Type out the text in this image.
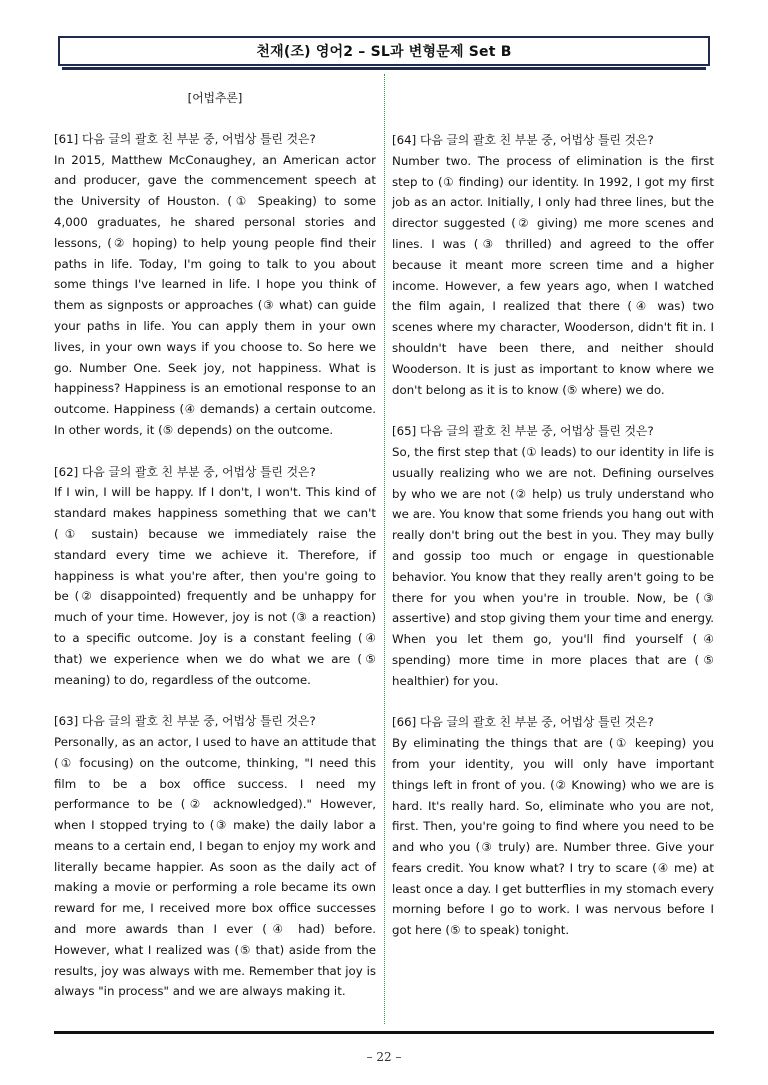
천재(조) 영어2 – SL과 변형문제 Set B

[어법추론]

[61] 다음 글의 괄호 친 부분 중, 어법상 틀린 것은?

In 2015, Matthew McConaughey, an American actor and producer, gave the commencement speech at the University of Houston. (① Speaking) to some 4,000 graduates, he shared personal stories and lessons, (② hoping) to help young people find their paths in life. Today, I'm going to talk to you about some things I've learned in life. I hope you think of them as signposts or approaches (③ what) can guide your paths in life. You can apply them in your own lives, in your own ways if you choose to. So here we go. Number One. Seek joy, not happiness. What is happiness? Happiness is an emotional response to an outcome. Happiness (④ demands) a certain outcome. In other words, it (⑤ depends) on the outcome.

[62] 다음 글의 괄호 친 부분 중, 어법상 틀린 것은?

If I win, I will be happy. If I don't, I won't. This kind of standard makes happiness something that we can't (① sustain) because we immediately raise the standard every time we achieve it. Therefore, if happiness is what you're after, then you're going to be (② disappointed) frequently and be unhappy for much of your time. However, joy is not (③ a reaction) to a specific outcome. Joy is a constant feeling (④ that) we experience when we do what we are (⑤ meaning) to do, regardless of the outcome.

[63] 다음 글의 괄호 친 부분 중, 어법상 틀린 것은?

Personally, as an actor, I used to have an attitude that (① focusing) on the outcome, thinking, "I need this film to be a box office success. I need my performance to be (② acknowledged)." However, when I stopped trying to (③ make) the daily labor a means to a certain end, I began to enjoy my work and literally became happier. As soon as the daily act of making a movie or performing a role became its own reward for me, I received more box office successes and more awards than I ever (④ had) before. However, what I realized was (⑤ that) aside from the results, joy was always with me. Remember that joy is always "in process" and we are always making it.

[64] 다음 글의 괄호 친 부분 중, 어법상 틀린 것은?

Number two. The process of elimination is the first step to (① finding) our identity. In 1992, I got my first job as an actor. Initially, I only had three lines, but the director suggested (② giving) me more scenes and lines. I was (③ thrilled) and agreed to the offer because it meant more screen time and a higher income. However, a few years ago, when I watched the film again, I realized that there (④ was) two scenes where my character, Wooderson, didn't fit in. I shouldn't have been there, and neither should Wooderson. It is just as important to know where we don't belong as it is to know (⑤ where) we do.

[65] 다음 글의 괄호 친 부분 중, 어법상 틀린 것은?

So, the first step that (① leads) to our identity in life is usually realizing who we are not. Defining ourselves by who we are not (② help) us truly understand who we are. You know that some friends you hang out with really don't bring out the best in you. They may bully and gossip too much or engage in questionable behavior. You know that they really aren't going to be there for you when you're in trouble. Now, be (③ assertive) and stop giving them your time and energy. When you let them go, you'll find yourself (④ spending) more time in more places that are (⑤ healthier) for you.

[66] 다음 글의 괄호 친 부분 중, 어법상 틀린 것은?

By eliminating the things that are (① keeping) you from your identity, you will only have important things left in front of you. (② Knowing) who we are is hard. It's really hard. So, eliminate who you are not, first. Then, you're going to find where you need to be and who you (③ truly) are. Number three. Give your fears credit. You know what? I try to scare (④ me) at least once a day. I get butterflies in my stomach every morning before I go to work. I was nervous before I got here (⑤ to speak) tonight.

– 22 –
